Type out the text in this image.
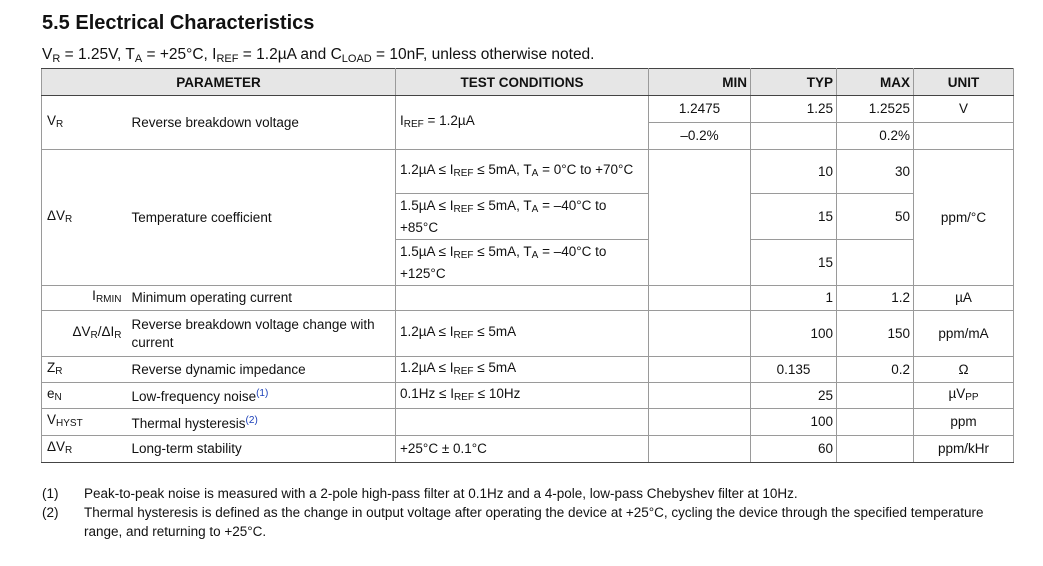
5.5 Electrical Characteristics
$V_R = 1.25V$, $T_A = +25^\circ C$, $I_{REF} = 1.2\mu A$ and $C_{LOAD} = 10nF$, unless otherwise noted.
PARAMETER		TEST CONDITIONS	MIN	TYP	MAX	UNIT
$V_R$	Reverse breakdown voltage	$I_{REF} = 1.2\mu A$	1.2475	1.25	1.2525	V
			–0.2%		0.2%	
$\Delta V_R$	Temperature coefficient	$1.2\mu A \le I_{REF} \le 5mA$, $T_A = 0^\circ C$ to +70°C		10	30	ppm/°C
		$1.5\mu A \le I_{REF} \le 5mA$, $T_A = -40^\circ C$ to +85°C		15	50	
		$1.5\mu A \le I_{REF} \le 5mA$, $T_A = -40^\circ C$ to +125°C		15		
$I_{RMIN}$	Minimum operating current			1	1.2	µA
$\Delta V_R/\Delta I_R$	Reverse breakdown voltage change with current	$1.2\mu A \le I_{REF} \le 5mA$		100	150	ppm/mA
$Z_R$	Reverse dynamic impedance	$1.2\mu A \le I_{REF} \le 5mA$		0.135	0.2	Ω
$e_N$	Low-frequency noise$^{(1)}$	$0.1Hz \le I_{REF} \le 10Hz$		25		µV$_{PP}$
$V_{HYST}$	Thermal hysteresis$^{(2)}$			100		ppm
$\Delta V_R$	Long-term stability	+25°C ± 0.1°C		60		ppm/kHr
(1)	Peak-to-peak noise is measured with a 2-pole high-pass filter at 0.1Hz and a 4-pole, low-pass Chebyshev filter at 10Hz.
(2)	Thermal hysteresis is defined as the change in output voltage after operating the device at +25°C, cycling the device through the specified temperature range, and returning to +25°C.
